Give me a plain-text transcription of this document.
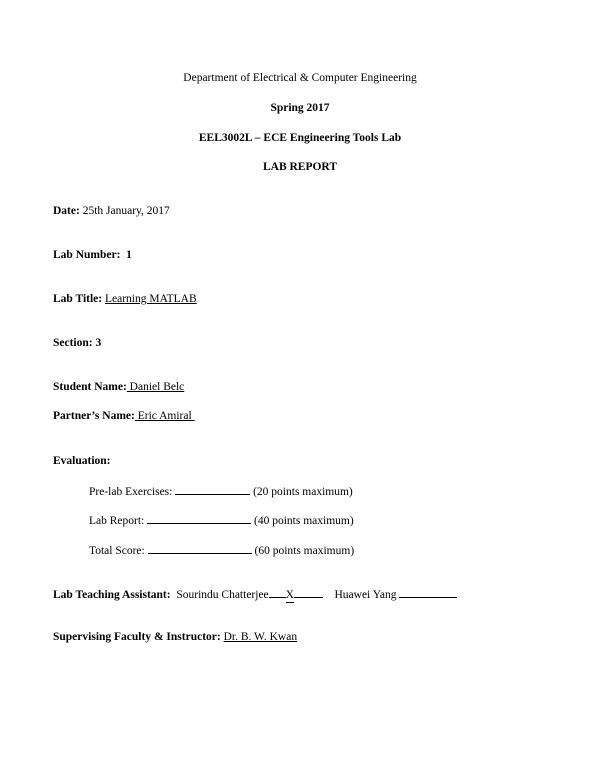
Department of Electrical & Computer Engineering
Spring 2017
EEL3002L – ECE Engineering Tools Lab
LAB REPORT
Date: 25th January, 2017
Lab Number: 1
Lab Title: Learning MATLAB
Section: 3
Student Name: Daniel Belc
Partner’s Name: Eric Amiral
Evaluation:
Pre-lab Exercises:	(20 points maximum)
Lab Report:	(40 points maximum)
Total Score:	(60 points maximum)
Lab Teaching Assistant: Sourindu Chatterjee X	Huawei Yang
Supervising Faculty & Instructor: Dr. B. W. Kwan
